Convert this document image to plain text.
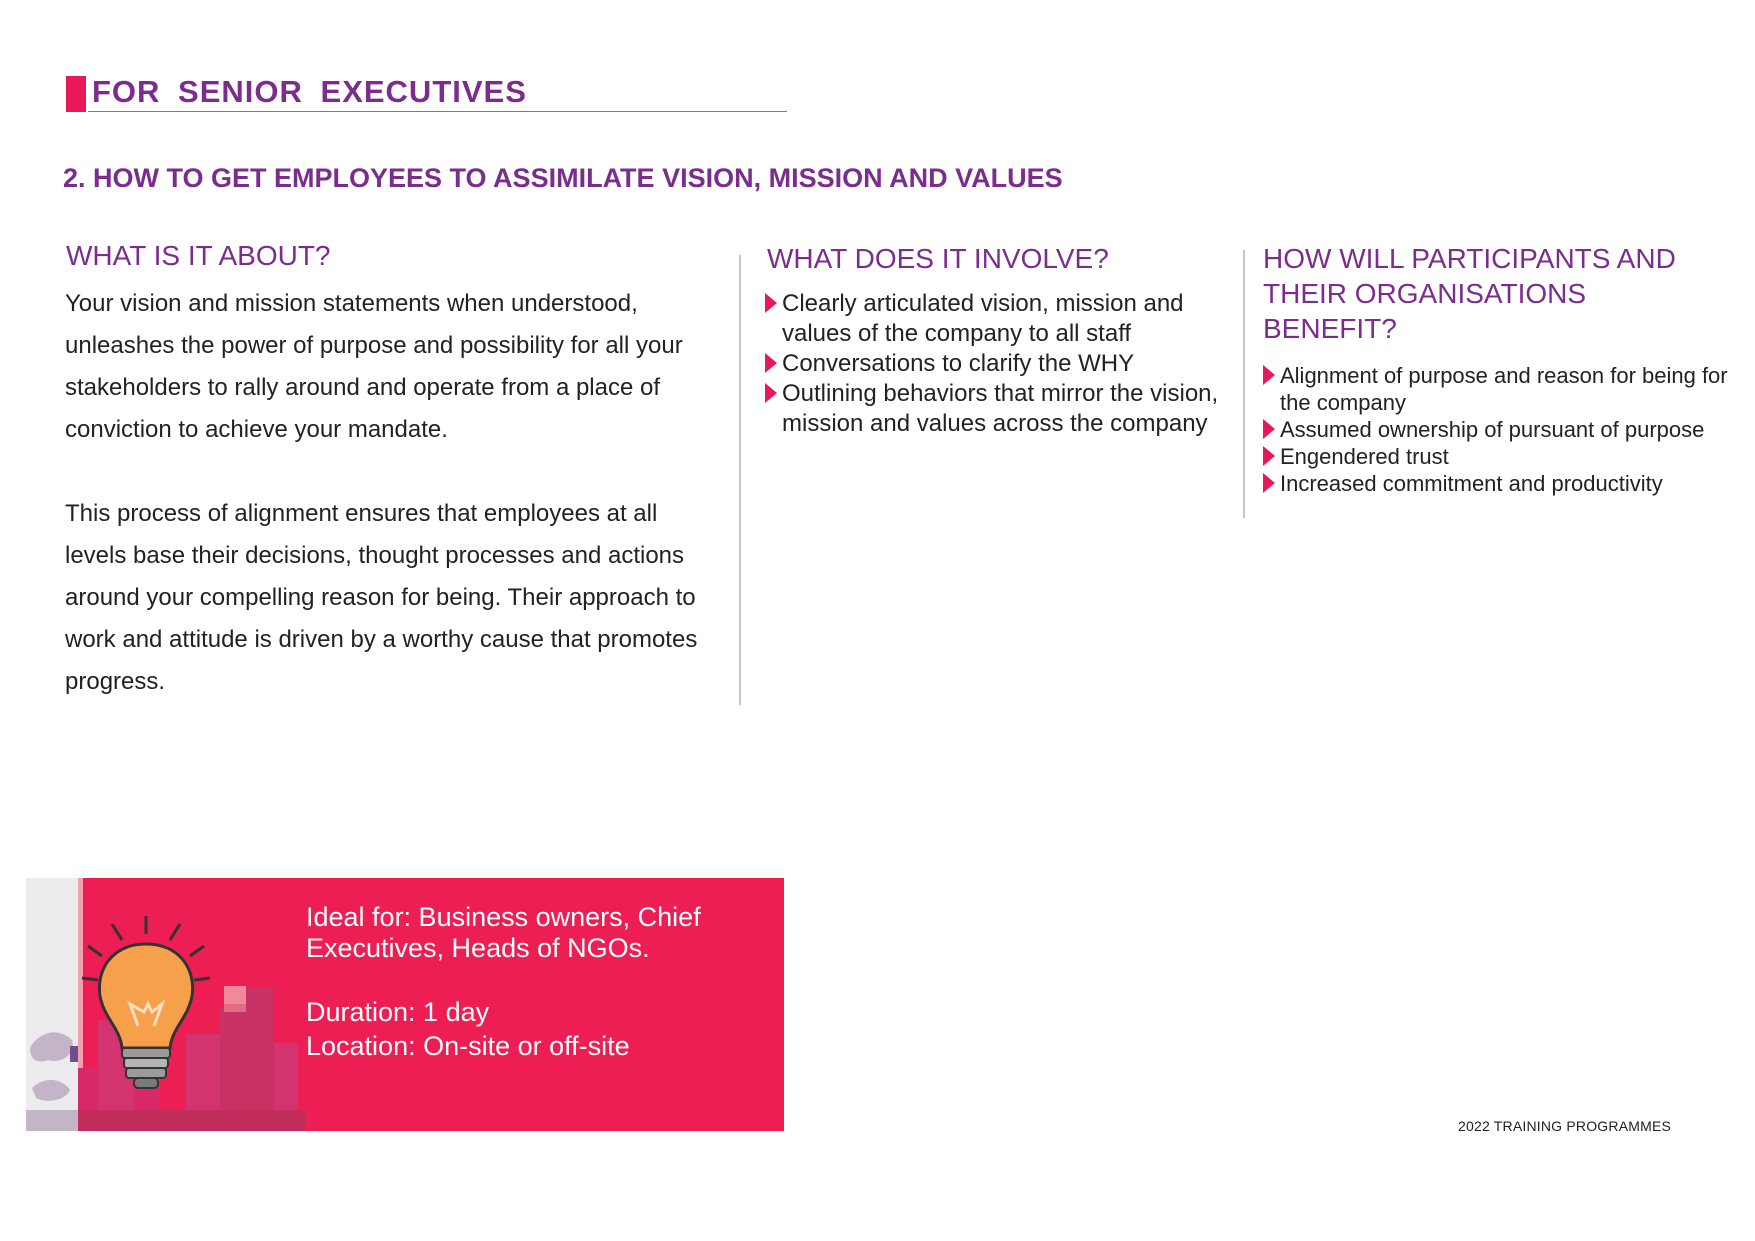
FOR SENIOR EXECUTIVES
2. HOW TO GET EMPLOYEES TO ASSIMILATE VISION, MISSION AND VALUES
WHAT IS IT ABOUT?

Your vision and mission statements when understood, unleashes the power of purpose and possibility for all your stakeholders to rally around and operate from a place of conviction to achieve your mandate.

This process of alignment ensures that employees at all levels base their decisions, thought processes and actions around your compelling reason for being. Their approach to work and attitude is driven by a worthy cause that promotes progress.

WHAT DOES IT INVOLVE?
Clearly articulated vision, mission and values of the company to all staff
Conversations to clarify the WHY
Outlining behaviors that mirror the vision, mission and values across the company
HOW WILL PARTICIPANTS AND THEIR ORGANISATIONS BENEFIT?
Alignment of purpose and reason for being for the company
Assumed ownership of pursuant of purpose
Engendered trust
Increased commitment and productivity
Ideal for: Business owners, Chief Executives, Heads of NGOs.
Duration: 1 day
Location: On-site or off-site
2022 TRAINING PROGRAMMES
